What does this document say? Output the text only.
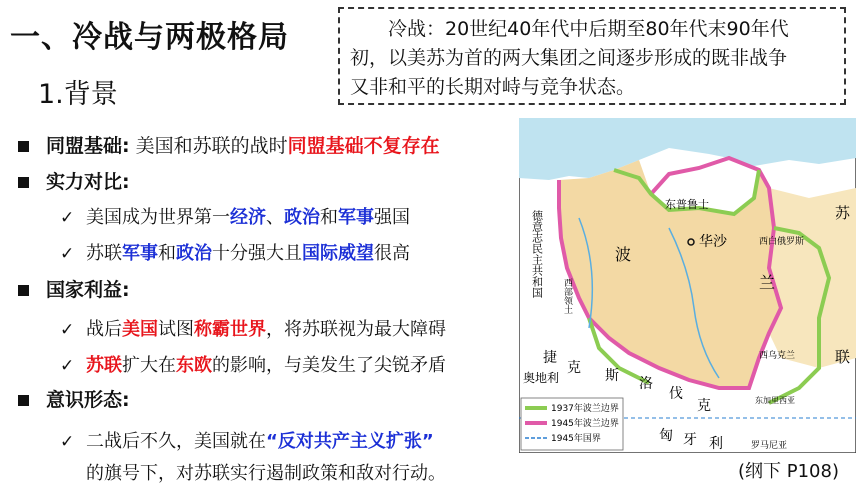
一、冷战与两极格局
1.背景
冷战：20世纪40年代中后期至80年代末90年代
初，以美苏为首的两大集团之间逐步形成的既非战争
又非和平的长期对峙与竞争状态。
同盟基础: 美国和苏联的战时同盟基础不复存在
实力对比:
✓ 美国成为世界第一经济、政治和军事强国
✓ 苏联军事和政治十分强大且国际威望很高
国家利益:
✓ 战后美国试图称霸世界，将苏联视为最大障碍
✓ 苏联扩大在东欧的影响，与美发生了尖锐矛盾
意识形态:
✓ 二战后不久，美国就在“反对共产主义扩张”
的旗号下，对苏联实行遏制政策和敌对行动。
德意志民主共和国
东普鲁士
波
兰
华沙	西白俄罗斯
西乌克兰
苏
联
捷
克 斯 洛
伐
克
奥地利
匈 牙 利	罗马尼亚
东加里西亚
西部领土
1937年波兰边界
1945年波兰边界
1945年国界
(纲下 P108)
